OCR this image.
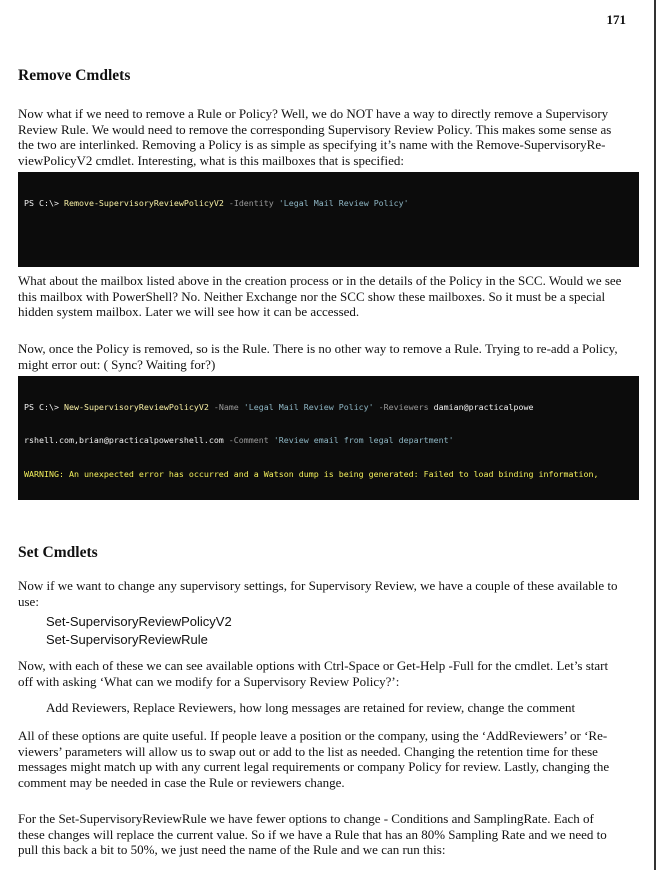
171
Remove Cmdlets
Now what if we need to remove a Rule or Policy? Well, we do NOT have a way to directly remove a Supervisory
Review Rule. We would need to remove the corresponding Supervisory Review Policy. This makes some sense as
the two are interlinked. Removing a Policy is as simple as specifying it’s name with the Remove-SupervisoryRe-
viewPolicyV2 cmdlet. Interesting, what is this mailboxes that is specified:

PS C:\> Remove-SupervisoryReviewPolicyV2 -Identity 'Legal Mail Review Policy'

What about the mailbox listed above in the creation process or in the details of the Policy in the SCC. Would we see
this mailbox with PowerShell? No. Neither Exchange nor the SCC show these mailboxes. So it must be a special
hidden system mailbox. Later we will see how it can be accessed.
Now, once the Policy is removed, so is the Rule. There is no other way to remove a Rule. Trying to re-add a Policy,
might error out: ( Sync? Waiting for?)

PS C:\> New-SupervisoryReviewPolicyV2 -Name 'Legal Mail Review Policy' -Reviewers damian@practicalpowe

rshell.com,brian@practicalpowershell.com -Comment 'Review email from legal department'

WARNING: An unexpected error has occurred and a Watson dump is being generated: Failed to load binding information,

Set Cmdlets
Now if we want to change any supervisory settings, for Supervisory Review, we have a couple of these available to
use:
Set-SupervisoryReviewPolicyV2
Set-SupervisoryReviewRule
Now, with each of these we can see available options with Ctrl-Space or Get-Help -Full for the cmdlet. Let’s start
off with asking ‘What can we modify for a Supervisory Review Policy?’:
Add Reviewers, Replace Reviewers, how long messages are retained for review, change the comment
All of these options are quite useful. If people leave a position or the company, using the ‘AddReviewers’ or ‘Re-
viewers’ parameters will allow us to swap out or add to the list as needed. Changing the retention time for these
messages might match up with any current legal requirements or company Policy for review. Lastly, changing the
comment may be needed in case the Rule or reviewers change.
For the Set-SupervisoryReviewRule we have fewer options to change - Conditions and SamplingRate. Each of
these changes will replace the current value. So if we have a Rule that has an 80% Sampling Rate and we need to
pull this back a bit to 50%, we just need the name of the Rule and we can run this:
